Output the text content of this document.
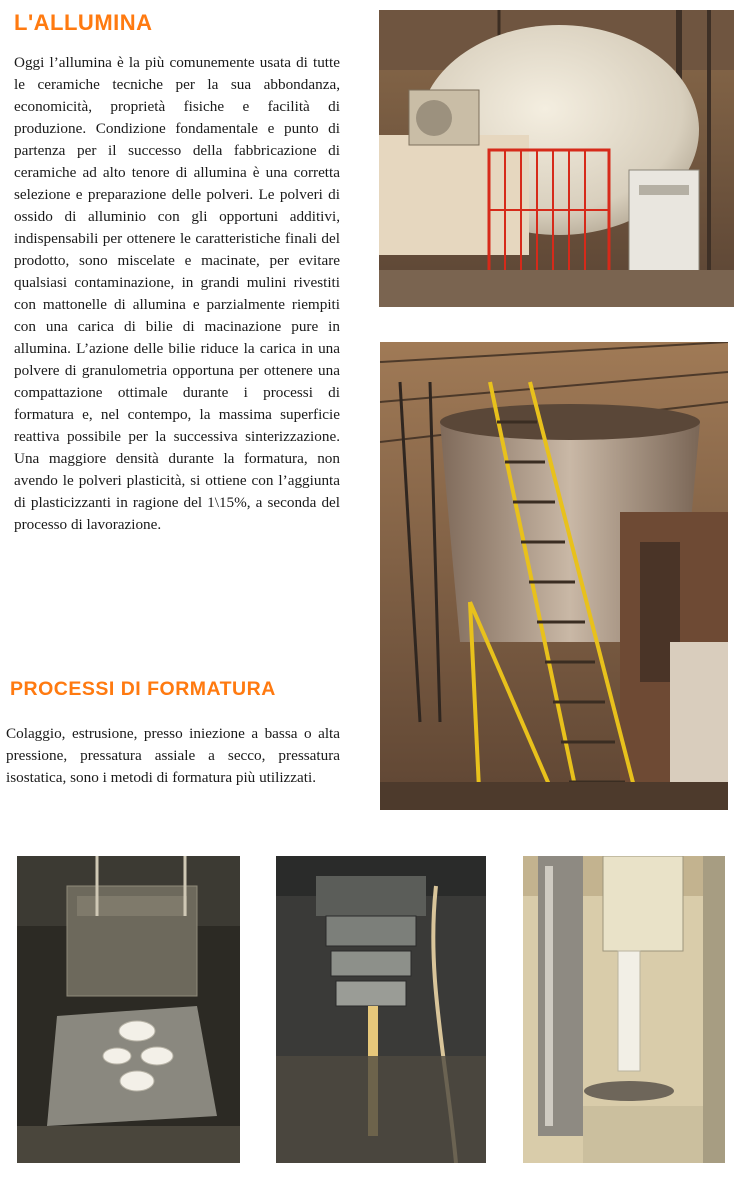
L'ALLUMINA

Oggi l’allumina è la più comunemente usata di tutte le ceramiche tecniche per la sua abbondanza, economicità, proprietà fisiche e facilità di produzione. Condizione fondamentale e punto di partenza per il successo della fabbricazione di ceramiche ad alto tenore di allumina è una corretta selezione e preparazione delle polveri. Le polveri di ossido di alluminio con gli opportuni additivi, indispensabili per ottenere le caratteristiche finali del prodotto, sono miscelate e macinate, per evitare qualsiasi contaminazione, in grandi mulini rivestiti con mattonelle di allumina e parzialmente riempiti con una carica di bilie di macinazione pure in allumina. L’azione delle bilie riduce la carica in una polvere di granulometria opportuna per ottenere una compattazione ottimale durante i processi di formatura e, nel contempo, la massima superficie reattiva possibile per la successiva sinterizzazione. Una maggiore densità durante la formatura, non avendo le polveri plasticità, si ottiene con l’aggiunta di plasticizzanti in ragione del 1\15%, a seconda del processo di lavorazione.

PROCESSI DI FORMATURA

Colaggio, estrusione, presso iniezione a bassa o alta pressione, pressatura assiale a secco, pressatura isostatica, sono i metodi di formatura più utilizzati.
